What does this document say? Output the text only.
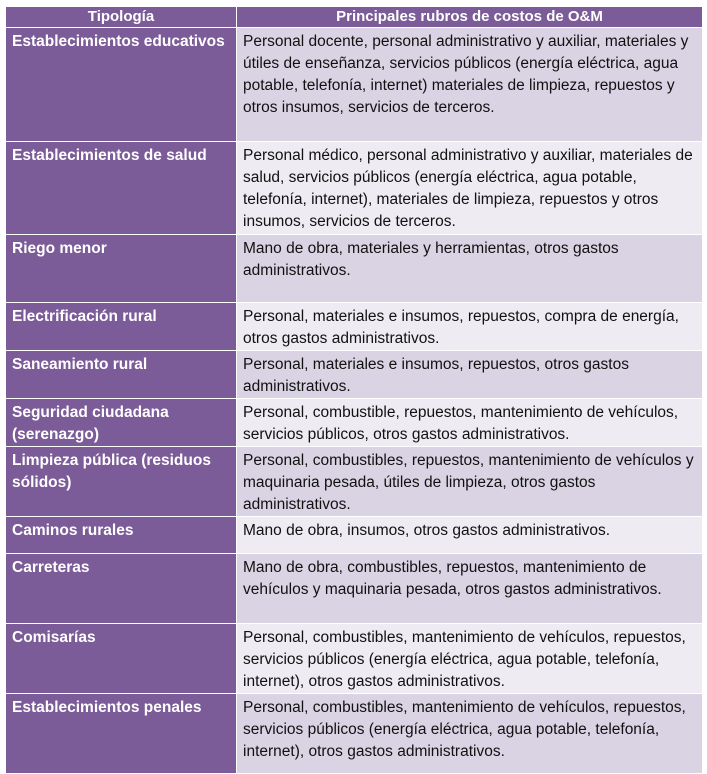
Tipología	Principales rubros de costos de O&M
Establecimientos educativos	Personal docente, personal administrativo y auxiliar, materiales y útiles de enseñanza, servicios públicos (energía eléctrica, agua potable, telefonía, internet) materiales de limpieza, repuestos y otros insumos, servicios de terceros.
Establecimientos de salud	Personal médico, personal administrativo y auxiliar, materiales de salud, servicios públicos (energía eléctrica, agua potable, telefonía, internet), materiales de limpieza, repuestos y otros insumos, servicios de terceros.
Riego menor	Mano de obra, materiales y herramientas, otros gastos administrativos.
Electrificación rural	Personal, materiales e insumos, repuestos, compra de energía, otros gastos administrativos.
Saneamiento rural	Personal, materiales e insumos, repuestos, otros gastos administrativos.
Seguridad ciudadana (serenazgo)	Personal, combustible, repuestos, mantenimiento de vehículos, servicios públicos, otros gastos administrativos.
Limpieza pública (residuos sólidos)	Personal, combustibles, repuestos, mantenimiento de vehículos y maquinaria pesada, útiles de limpieza, otros gastos administrativos.
Caminos rurales	Mano de obra, insumos, otros gastos administrativos.
Carreteras	Mano de obra, combustibles, repuestos, mantenimiento de vehículos y maquinaria pesada, otros gastos administrativos.
Comisarías	Personal, combustibles, mantenimiento de vehículos, repuestos, servicios públicos (energía eléctrica, agua potable, telefonía, internet), otros gastos administrativos.
Establecimientos penales	Personal, combustibles, mantenimiento de vehículos, repuestos, servicios públicos (energía eléctrica, agua potable, telefonía, internet), otros gastos administrativos.
